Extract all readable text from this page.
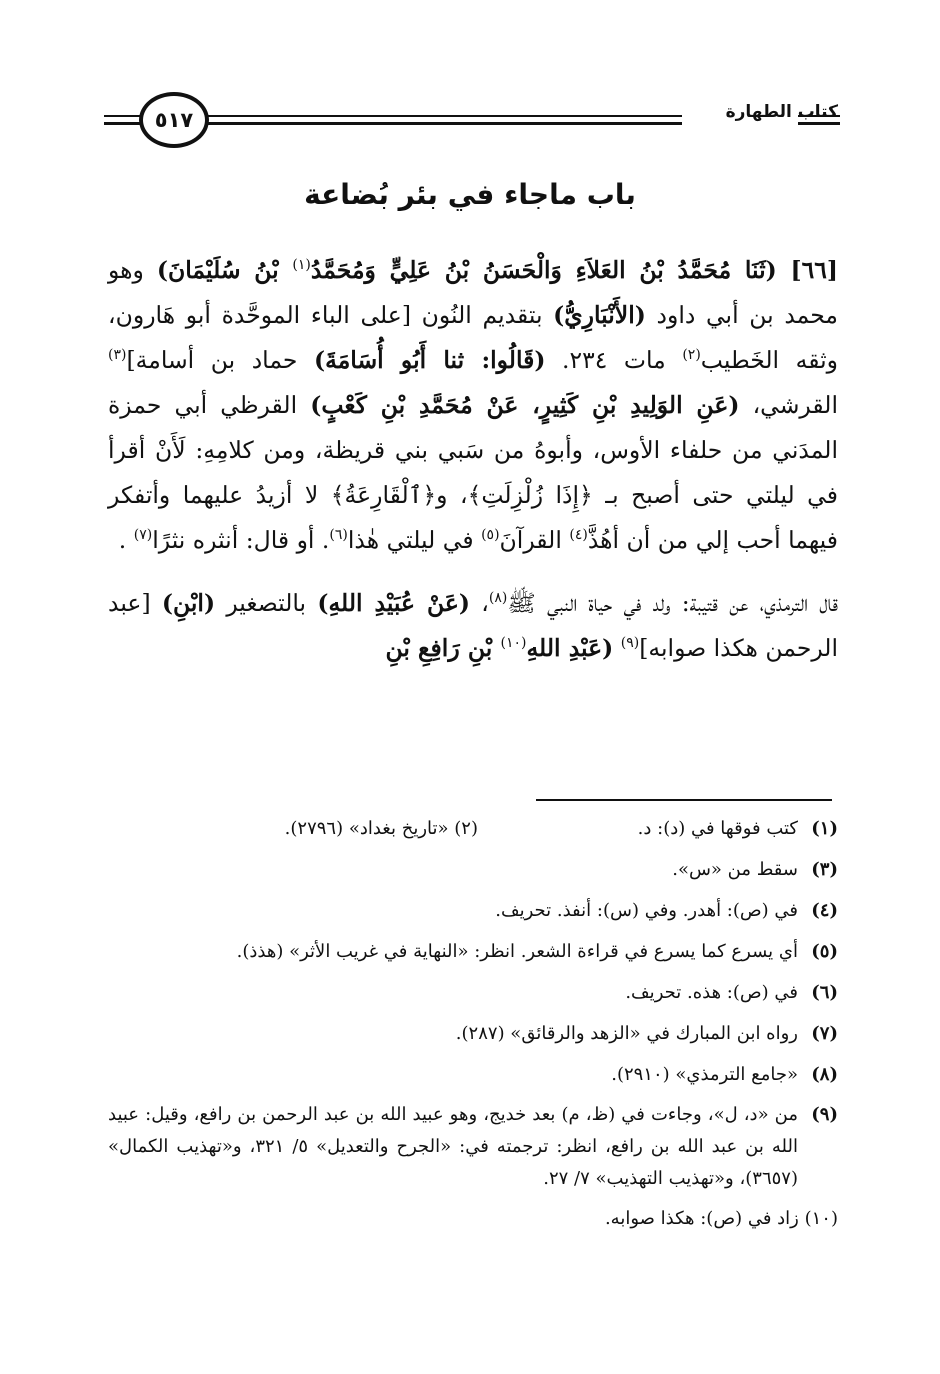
كتاب الطهارة
٥١٧
باب ماجاء في بئر بُضاعة

[٦٦] (ثَنَا مُحَمَّدُ بْنُ العَلاَءِ وَالْحَسَنُ بْنُ عَلِيٍّ وَمُحَمَّدُ$^{(١)}$ بْنُ سُلَيْمَانَ) وهو محمد بن أبي داود (الأَنْبَارِيُّ) بتقديم النُون [على الباء الموحَّدة أبو هَارون، وثقه الخَطيب$^{(٢)}$ مات ٢٣٤. (قَالُوا: ثنا أَبُو أُسَامَةَ) حماد بن أسامة]$^{(٣)}$ القرشي، (عَنِ الوَلِيدِ بْنِ كَثِيرٍ، عَنْ مُحَمَّدِ بْنِ كَعْبٍ) القرظي أبي حمزة المدَني من حلفاء الأوس، وأبوهُ من سَبي بني قريظة، ومن كلامِهِ: لَأَنْ أقرأ في ليلتي حتى أصبح بـ ﴿إِذَا زُلْزِلَتِ﴾، و﴿ٱلْقَارِعَةُ﴾ لا أزيدُ عليهما وأتفكر فيهما أحب إلي من أن أهُذَّ$^{(٤)}$ القرآنَ$^{(٥)}$ في ليلتي هٰذا$^{(٦)}$. أو قال: أنثره نثرًا$^{(٧)}$ .

قال الترمذي، عن قتيبة: ولد في حياة النبي ﷺ$^{(٨)}$، (عَنْ عُبَيْدِ اللهِ) بالتصغير (ابْنِ) [عبد الرحمن هكذا صوابه]$^{(٩)}$ (عَبْدِ اللهِ$^{(١٠)}$ بْنِ رَافِعِ بْنِ

(١)
كتب فوقها في (د): د.
(٢) «تاريخ بغداد» (٢٧٩٦).
(٣)
سقط من «س».
(٤)
في (ص): أهدر. وفي (س): أنفذ. تحريف.
(٥)
أي يسرع كما يسرع في قراءة الشعر. انظر: «النهاية في غريب الأثر» (هذذ).
(٦)
في (ص): هذه. تحريف.
(٧)
رواه ابن المبارك في «الزهد والرقائق» (٢٨٧).
(٨)
«جامع الترمذي» (٢٩١٠).
(٩)
من «د، ل»، وجاءت في (ظ، م) بعد خديج، وهو عبيد الله بن عبد الرحمن بن رافع، وقيل: عبيد الله بن عبد الله بن رافع، انظر: ترجمته في: «الجرح والتعديل» ٥/ ٣٢١، و«تهذيب الكمال» (٣٦٥٧)، و«تهذيب التهذيب» ٧/ ٢٧.
(١٠) زاد في (ص): هكذا صوابه.
